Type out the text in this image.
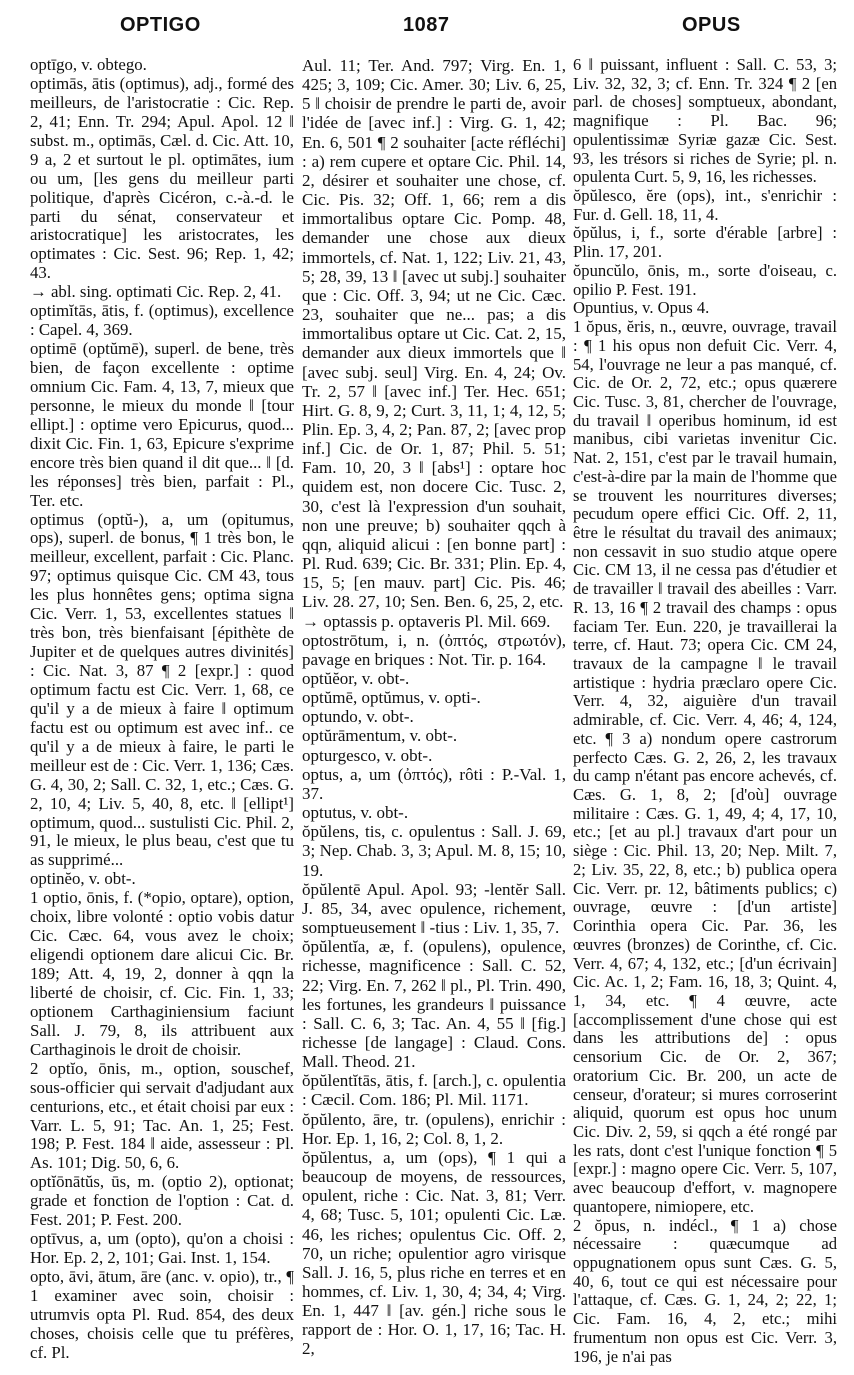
OPTIGO	1087	OPUS

optīgo, v. obtego.

optimās, ātis (optimus), adj., formé des meilleurs, de l'aristocratie : Cic. Rep. 2, 41; Enn. Tr. 294; Apul. Apol. 12 ǁ subst. m., optimās, Cæl. d. Cic. Att. 10, 9 a, 2 et surtout le pl. optimātes, ium ou um, [les gens du meilleur parti politique, d'après Cicéron, c.-à.-d. le parti du sénat, conservateur et aristocratique] les aristocrates, les optimates : Cic. Sest. 96; Rep. 1, 42; 43.

→ abl. sing. optimati Cic. Rep. 2, 41.

optimĭtās, ātis, f. (optimus), excellence : Capel. 4, 369.

optimē (optŭmē), superl. de bene, très bien, de façon excellente : optime omnium Cic. Fam. 4, 13, 7, mieux que personne, le mieux du monde ǁ [tour ellipt.] : optime vero Epicurus, quod... dixit Cic. Fin. 1, 63, Epicure s'exprime encore très bien quand il dit que... ǁ [d. les réponses] très bien, parfait : Pl., Ter. etc.

optimus (optŭ-), a, um (opitumus, ops), superl. de bonus, ¶ 1 très bon, le meilleur, excellent, parfait : Cic. Planc. 97; optimus quisque Cic. CM 43, tous les plus honnêtes gens; optima signa Cic. Verr. 1, 53, excellentes statues ǁ très bon, très bienfaisant [épithète de Jupiter et de quelques autres divinités] : Cic. Nat. 3, 87 ¶ 2 [expr.] : quod optimum factu est Cic. Verr. 1, 68, ce qu'il y a de mieux à faire ǁ optimum factu est ou optimum est avec inf.. ce qu'il y a de mieux à faire, le parti le meilleur est de : Cic. Verr. 1, 136; Cæs. G. 4, 30, 2; Sall. C. 32, 1, etc.; Cæs. G. 2, 10, 4; Liv. 5, 40, 8, etc. ǁ [ellipt¹] optimum, quod... sustulisti Cic. Phil. 2, 91, le mieux, le plus beau, c'est que tu as supprimé...

optinĕo, v. obt-.

1 optio, ōnis, f. (*opio, optare), option, choix, libre volonté : optio vobis datur Cic. Cæc. 64, vous avez le choix; eligendi optionem dare alicui Cic. Br. 189; Att. 4, 19, 2, donner à qqn la liberté de choisir, cf. Cic. Fin. 1, 33; optionem Carthaginiensium faciunt Sall. J. 79, 8, ils attribuent aux Carthaginois le droit de choisir.

2 optĭo, ōnis, m., option, souschef, sous-officier qui servait d'adjudant aux centurions, etc., et était choisi par eux : Varr. L. 5, 91; Tac. An. 1, 25; Fest. 198; P. Fest. 184 ǁ aide, assesseur : Pl. As. 101; Dig. 50, 6, 6.

optĭōnātŭs, ūs, m. (optio 2), optionat; grade et fonction de l'option : Cat. d. Fest. 201; P. Fest. 200.

optīvus, a, um (opto), qu'on a choisi : Hor. Ep. 2, 2, 101; Gai. Inst. 1, 154.

opto, āvi, ātum, āre (anc. v. opio), tr., ¶ 1 examiner avec soin, choisir : utrumvis opta Pl. Rud. 854, des deux choses, choisis celle que tu préfères, cf. Pl.

Aul. 11; Ter. And. 797; Virg. En. 1, 425; 3, 109; Cic. Amer. 30; Liv. 6, 25, 5 ǁ choisir de prendre le parti de, avoir l'idée de [avec inf.] : Virg. G. 1, 42; En. 6, 501 ¶ 2 souhaiter [acte réfléchi] : a) rem cupere et optare Cic. Phil. 14, 2, désirer et souhaiter une chose, cf. Cic. Pis. 32; Off. 1, 66; rem a dis immortalibus optare Cic. Pomp. 48, demander une chose aux dieux immortels, cf. Nat. 1, 122; Liv. 21, 43, 5; 28, 39, 13 ǁ [avec ut subj.] souhaiter que : Cic. Off. 3, 94; ut ne Cic. Cæc. 23, souhaiter que ne... pas; a dis immortalibus optare ut Cic. Cat. 2, 15, demander aux dieux immortels que ǁ [avec subj. seul] Virg. En. 4, 24; Ov. Tr. 2, 57 ǁ [avec inf.] Ter. Hec. 651; Hirt. G. 8, 9, 2; Curt. 3, 11, 1; 4, 12, 5; Plin. Ep. 3, 4, 2; Pan. 87, 2; [avec prop inf.] Cic. de Or. 1, 87; Phil. 5. 51; Fam. 10, 20, 3 ǁ [abs¹] : optare hoc quidem est, non docere Cic. Tusc. 2, 30, c'est là l'expression d'un souhait, non une preuve; b) souhaiter qqch à qqn, aliquid alicui : [en bonne part] : Pl. Rud. 639; Cic. Br. 331; Plin. Ep. 4, 15, 5; [en mauv. part] Cic. Pis. 46; Liv. 28. 27, 10; Sen. Ben. 6, 25, 2, etc.

→ optassis p. optaveris Pl. Mil. 669.

optostrōtum, i, n. (ὀπτός, στρωτόν), pavage en briques : Not. Tir. p. 164.

optŭĕor, v. obt-.

optŭmē, optŭmus, v. opti-.

optundo, v. obt-.

optŭrāmentum, v. obt-.

opturgesco, v. obt-.

optus, a, um (ὀπτός), rôti : P.-Val. 1, 37.

optutus, v. obt-.

ŏpŭlens, tis, c. opulentus : Sall. J. 69, 3; Nep. Chab. 3, 3; Apul. M. 8, 15; 10, 19.

ŏpŭlentē Apul. Apol. 93; -lentĕr Sall. J. 85, 34, avec opulence, richement, somptueusement ǁ -tius : Liv. 1, 35, 7.

ŏpŭlentĭa, æ, f. (opulens), opulence, richesse, magnificence : Sall. C. 52, 22; Virg. En. 7, 262 ǁ pl., Pl. Trin. 490, les fortunes, les grandeurs ǁ puissance : Sall. C. 6, 3; Tac. An. 4, 55 ǁ [fig.] richesse [de langage] : Claud. Cons. Mall. Theod. 21.

ŏpŭlentĭtās, ātis, f. [arch.], c. opulentia : Cæcil. Com. 186; Pl. Mil. 1171.

ŏpŭlento, āre, tr. (opulens), enrichir : Hor. Ep. 1, 16, 2; Col. 8, 1, 2.

ŏpŭlentus, a, um (ops), ¶ 1 qui a beaucoup de moyens, de ressources, opulent, riche : Cic. Nat. 3, 81; Verr. 4, 68; Tusc. 5, 101; opulenti Cic. Læ. 46, les riches; opulentus Cic. Off. 2, 70, un riche; opulentior agro virisque Sall. J. 16, 5, plus riche en terres et en hommes, cf. Liv. 1, 30, 4; 34, 4; Virg. En. 1, 447 ǁ [av. gén.] riche sous le rapport de : Hor. O. 1, 17, 16; Tac. H. 2,

6 ǁ puissant, influent : Sall. C. 53, 3; Liv. 32, 32, 3; cf. Enn. Tr. 324 ¶ 2 [en parl. de choses] somptueux, abondant, magnifique : Pl. Bac. 96; opulentissimæ Syriæ gazæ Cic. Sest. 93, les trésors si riches de Syrie; pl. n. opulenta Curt. 5, 9, 16, les richesses.

ŏpŭlesco, ĕre (ops), int., s'enrichir : Fur. d. Gell. 18, 11, 4.

ŏpŭlus, i, f., sorte d'érable [arbre] : Plin. 17, 201.

ŏpuncŭlo, ōnis, m., sorte d'oiseau, c. opilio P. Fest. 191.

Opuntius, v. Opus 4.

1 ŏpus, ĕris, n., œuvre, ouvrage, travail : ¶ 1 his opus non defuit Cic. Verr. 4, 54, l'ouvrage ne leur a pas manqué, cf. Cic. de Or. 2, 72, etc.; opus quærere Cic. Tusc. 3, 81, chercher de l'ouvrage, du travail ǁ operibus hominum, id est manibus, cibi varietas invenitur Cic. Nat. 2, 151, c'est par le travail humain, c'est-à-dire par la main de l'homme que se trouvent les nourritures diverses; pecudum opere effici Cic. Off. 2, 11, être le résultat du travail des animaux; non cessavit in suo studio atque opere Cic. CM 13, il ne cessa pas d'étudier et de travailler ǁ travail des abeilles : Varr. R. 13, 16 ¶ 2 travail des champs : opus faciam Ter. Eun. 220, je travaillerai la terre, cf. Haut. 73; opera Cic. CM 24, travaux de la campagne ǁ le travail artistique : hydria præclaro opere Cic. Verr. 4, 32, aiguière d'un travail admirable, cf. Cic. Verr. 4, 46; 4, 124, etc. ¶ 3 a) nondum opere castrorum perfecto Cæs. G. 2, 26, 2, les travaux du camp n'étant pas encore achevés, cf. Cæs. G. 1, 8, 2; [d'où] ouvrage militaire : Cæs. G. 1, 49, 4; 4, 17, 10, etc.; [et au pl.] travaux d'art pour un siège : Cic. Phil. 13, 20; Nep. Milt. 7, 2; Liv. 35, 22, 8, etc.; b) publica opera Cic. Verr. pr. 12, bâtiments publics; c) ouvrage, œuvre : [d'un artiste] Corinthia opera Cic. Par. 36, les œuvres (bronzes) de Corinthe, cf. Cic. Verr. 4, 67; 4, 132, etc.; [d'un écrivain] Cic. Ac. 1, 2; Fam. 16, 18, 3; Quint. 4, 1, 34, etc. ¶ 4 œuvre, acte [accomplissement d'une chose qui est dans les attributions de] : opus censorium Cic. de Or. 2, 367; oratorium Cic. Br. 200, un acte de censeur, d'orateur; si mures corroserint aliquid, quorum est opus hoc unum Cic. Div. 2, 59, si qqch a été rongé par les rats, dont c'est l'unique fonction ¶ 5 [expr.] : magno opere Cic. Verr. 5, 107, avec beaucoup d'effort, v. magnopere quantopere, nimiopere, etc.

2 ŏpus, n. indécl., ¶ 1 a) chose nécessaire : quæcumque ad oppugnationem opus sunt Cæs. G. 5, 40, 6, tout ce qui est nécessaire pour l'attaque, cf. Cæs. G. 1, 24, 2; 22, 1; Cic. Fam. 16, 4, 2, etc.; mihi frumentum non opus est Cic. Verr. 3, 196, je n'ai pas
